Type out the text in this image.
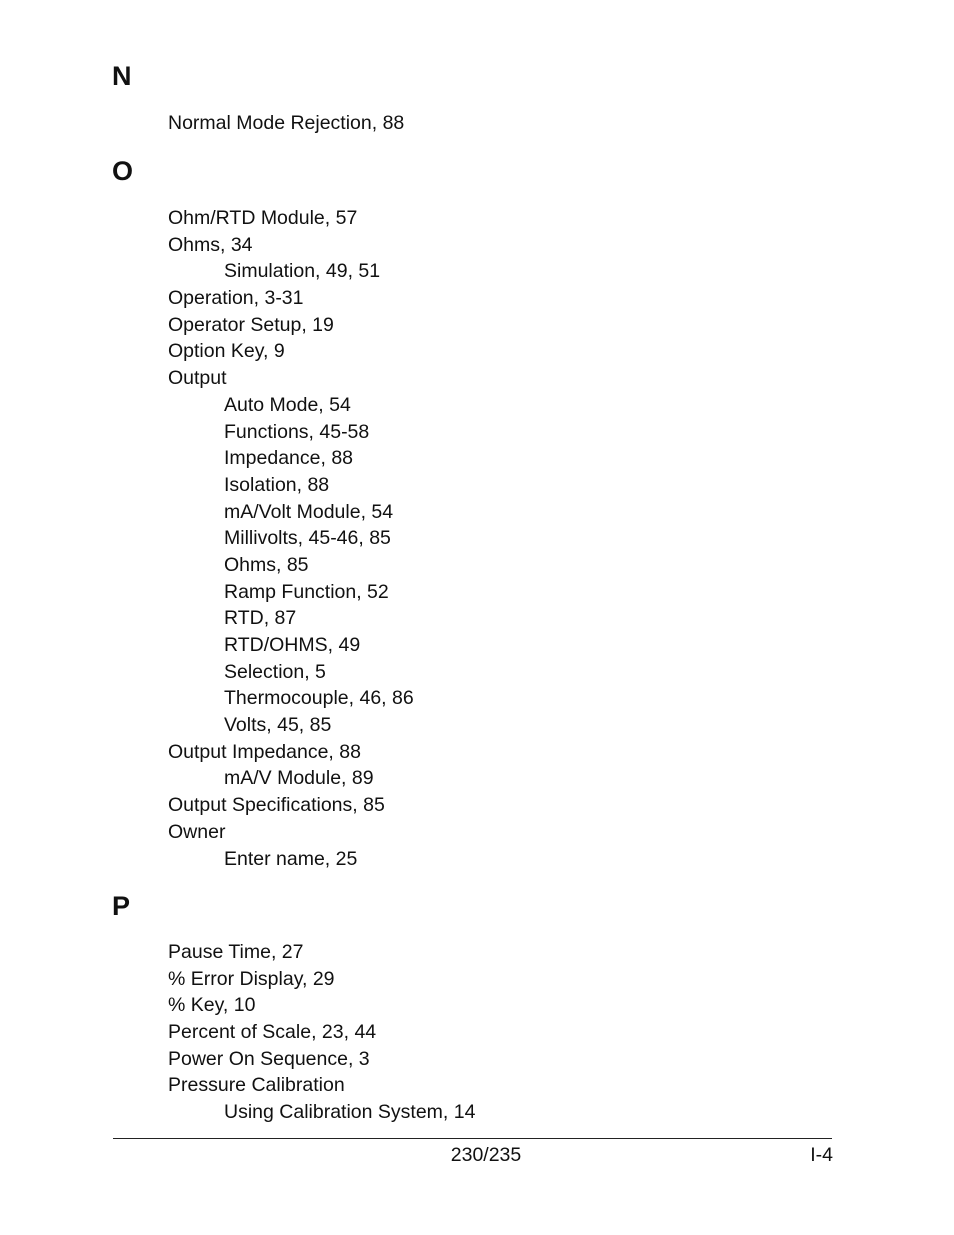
N
Normal Mode Rejection, 88
O
Ohm/RTD Module, 57
Ohms, 34
Simulation, 49, 51
Operation, 3-31
Operator Setup, 19
Option Key, 9
Output
Auto Mode, 54
Functions, 45-58
Impedance, 88
Isolation, 88
mA/Volt Module, 54
Millivolts, 45-46, 85
Ohms, 85
Ramp Function, 52
RTD, 87
RTD/OHMS, 49
Selection, 5
Thermocouple, 46, 86
Volts, 45, 85
Output Impedance, 88
mA/V Module, 89
Output Specifications, 85
Owner
Enter name, 25
P
Pause Time, 27
% Error Display, 29
% Key, 10
Percent of Scale, 23, 44
Power On Sequence, 3
Pressure Calibration
Using Calibration System, 14
230/235	I-4
